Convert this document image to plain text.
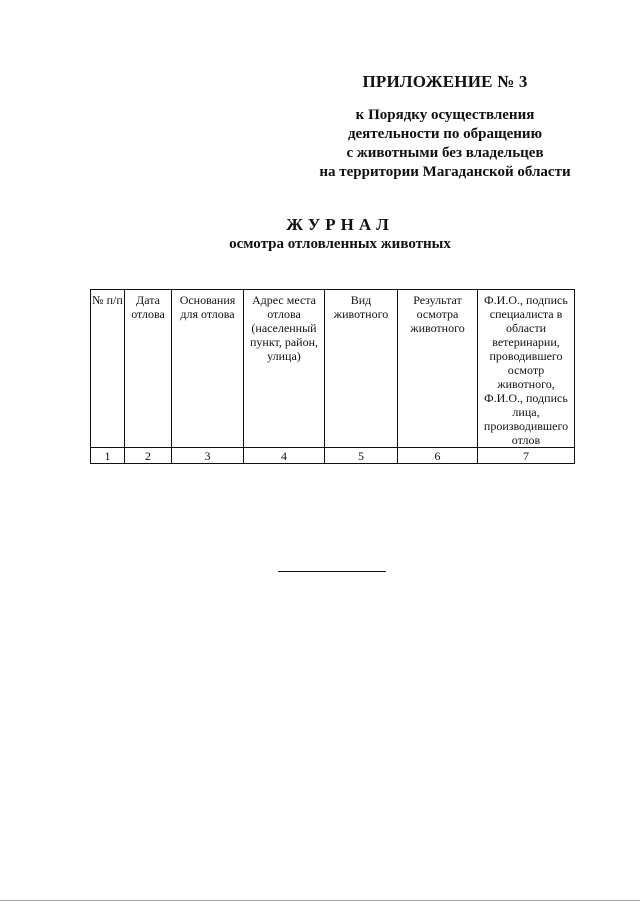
ПРИЛОЖЕНИЕ № 3
к Порядку осуществления
деятельности по обращению
с животными без владельцев
на территории Магаданской области
ЖУРНАЛ
осмотра отловленных животных
№ п/п	Дата отлова	Основания для отлова	Адрес места отлова (населенный пункт, район, улица)	Вид животного	Результат осмотра животного	Ф.И.О., подпись специалиста в области ветеринарии, проводившего осмотр животного, Ф.И.О., подпись лица, производившего отлов
1	2	3	4	5	6	7
